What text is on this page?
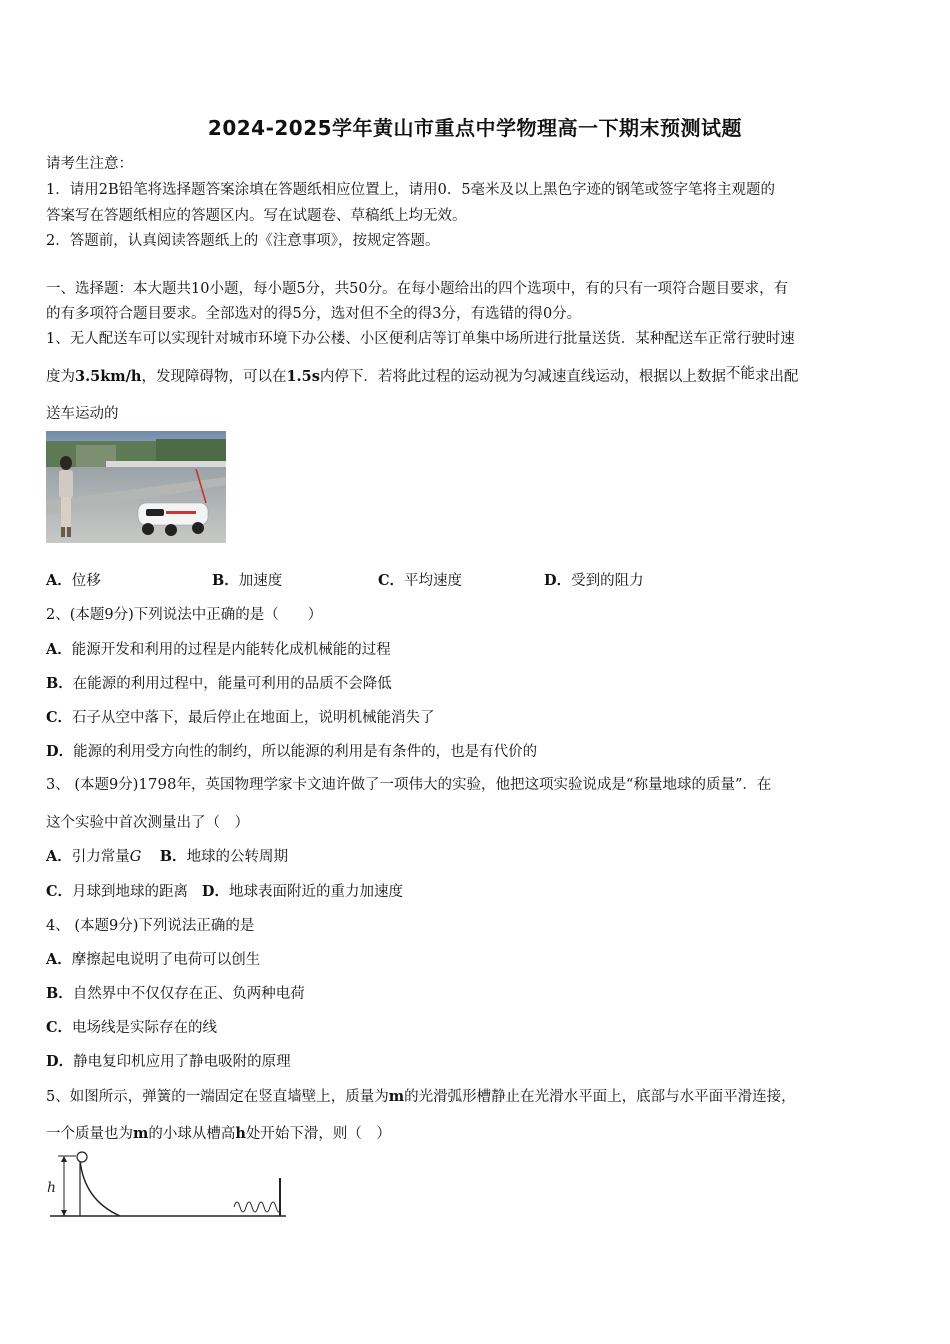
2024-2025学年黄山市重点中学物理高一下期末预测试题
请考生注意：
1．请用2B铅笔将选择题答案涂填在答题纸相应位置上，请用0．5毫米及以上黑色字迹的钢笔或签字笔将主观题的
答案写在答题纸相应的答题区内。写在试题卷、草稿纸上均无效。
2．答题前，认真阅读答题纸上的《注意事项》，按规定答题。
一、选择题：本大题共10小题，每小题5分，共50分。在每小题给出的四个选项中，有的只有一项符合题目要求，有
的有多项符合题目要求。全部选对的得5分，选对但不全的得3分，有选错的得0分。
1、无人配送车可以实现针对城市环境下办公楼、小区便利店等订单集中场所进行批量送货．某种配送车正常行驶时速
度为3.5km/h，发现障碍物，可以在1.5s内停下．若将此过程的运动视为匀减速直线运动，根据以上数据不能求出配
送车运动的
A．位移	B．加速度	C．平均速度	D．受到的阻力
2、(本题9分)下列说法中正确的是（　　）
A．能源开发和利用的过程是内能转化成机械能的过程
B．在能源的利用过程中，能量可利用的品质不会降低
C．石子从空中落下，最后停止在地面上，说明机械能消失了
D．能源的利用受方向性的制约，所以能源的利用是有条件的，也是有代价的
3、 (本题9分)1798年，英国物理学家卡文迪许做了一项伟大的实验，他把这项实验说成是“称量地球的质量”．在
这个实验中首次测量出了（　）
A．引力常量G B．地球的公转周期
C．月球到地球的距离 D．地球表面附近的重力加速度
4、 (本题9分)下列说法正确的是
A．摩擦起电说明了电荷可以创生
B．自然界中不仅仅存在正、负两种电荷
C．电场线是实际存在的线
D．静电复印机应用了静电吸附的原理
5、如图所示，弹簧的一端固定在竖直墙壁上，质量为m的光滑弧形槽静止在光滑水平面上，底部与水平面平滑连接，
一个质量也为m的小球从槽高h处开始下滑，则（　）
h
